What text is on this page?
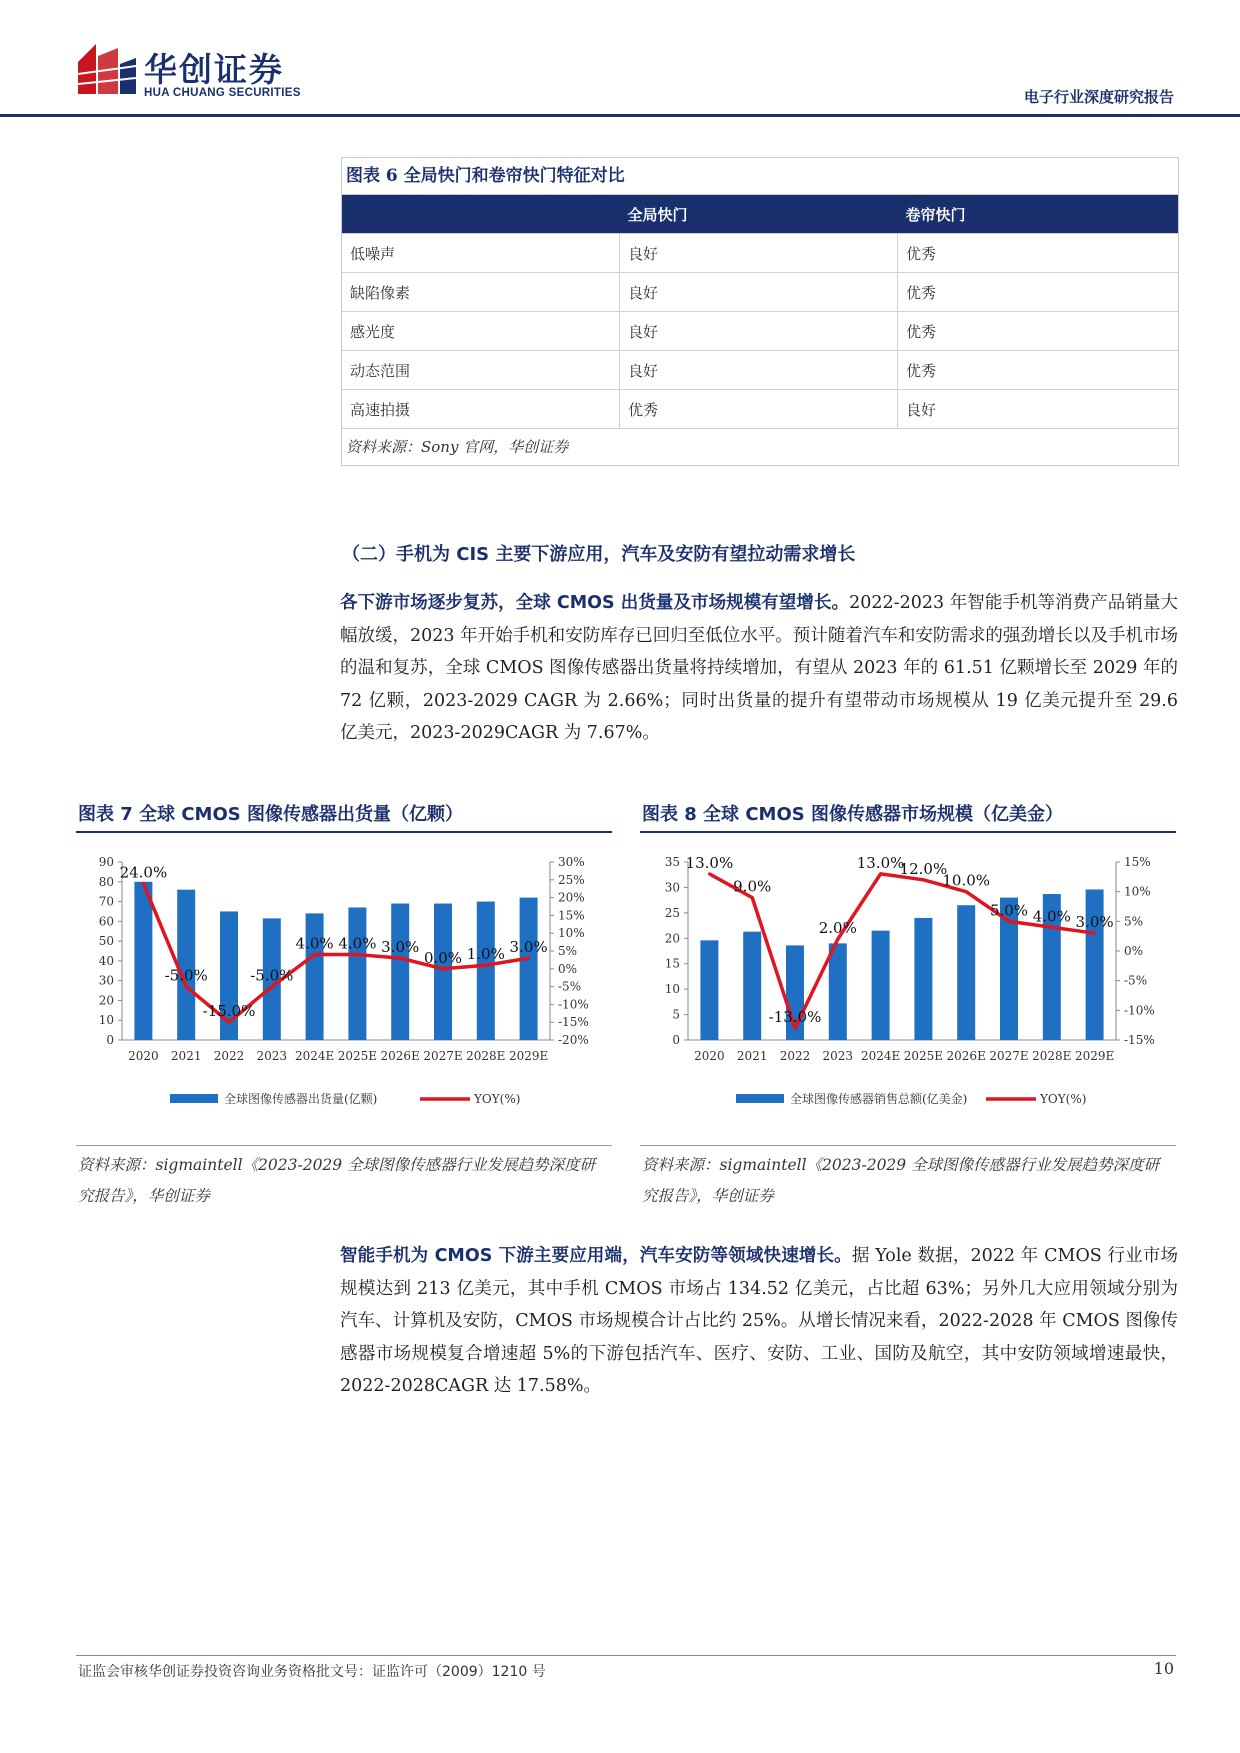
华创证券
HUA CHUANG SECURITIES	电子行业深度研究报告
图表 6 全局快门和卷帘快门特征对比
	全局快门	卷帘快门
低噪声	良好	优秀
缺陷像素	良好	优秀
感光度	良好	优秀
动态范围	良好	优秀
高速拍摄	优秀	良好
资料来源：Sony 官网，华创证券
（二）手机为 CIS 主要下游应用，汽车及安防有望拉动需求增长
各下游市场逐步复苏，全球 CMOS 出货量及市场规模有望增长。2022-2023 年智能手机等消费产品销量大幅放缓，2023 年开始手机和安防库存已回归至低位水平。预计随着汽车和安防需求的强劲增长以及手机市场的温和复苏，全球 CMOS 图像传感器出货量将持续增加，有望从 2023 年的 61.51 亿颗增长至 2029 年的 72 亿颗，2023-2029 CAGR 为 2.66%；同时出货量的提升有望带动市场规模从 19 亿美元提升至 29.6 亿美元，2023-2029CAGR 为 7.67%。
图表 7 全球 CMOS 图像传感器出货量（亿颗）	图表 8 全球 CMOS 图像传感器市场规模（亿美金）
0
10
20
30
40
50
60
70
80
90
-20%
-15%
-10%
-5%
0%
5%
10%
15%
20%
25%
30%
2020 2021 2022 2023 2024E 2025E 2026E 2027E 2028E 2029E
24.0%
-5.0%
-15.0%
-5.0%
4.0% 4.0% 3.0%
0.0% 1.0% 3.0%
全球图像传感器出货量(亿颗)	YOY(%)
0
5
10
15
20
25
30
35
-15%
-10%
-5%
0%
5%
10%
15%
2020 2021 2022 2023 2024E 2025E 2026E 2027E 2028E 2029E
13.0%
9.0%
-13.0%
2.0%
13.0%
12.0%
10.0%
5.0% 4.0% 3.0%
全球图像传感器销售总额(亿美金)	YOY(%)
资料来源：sigmaintell《2023-2029 全球图像传感器行业发展趋势深度研究报告》，华创证券
资料来源：sigmaintell《2023-2029 全球图像传感器行业发展趋势深度研究报告》，华创证券
智能手机为 CMOS 下游主要应用端，汽车安防等领域快速增长。据 Yole 数据，2022 年 CMOS 行业市场规模达到 213 亿美元，其中手机 CMOS 市场占 134.52 亿美元，占比超 63%；另外几大应用领域分别为汽车、计算机及安防，CMOS 市场规模合计占比约 25%。从增长情况来看，2022-2028 年 CMOS 图像传感器市场规模复合增速超 5%的下游包括汽车、医疗、安防、工业、国防及航空，其中安防领域增速最快，2022-2028CAGR 达 17.58%。
证监会审核华创证券投资咨询业务资格批文号：证监许可（2009）1210 号	10
